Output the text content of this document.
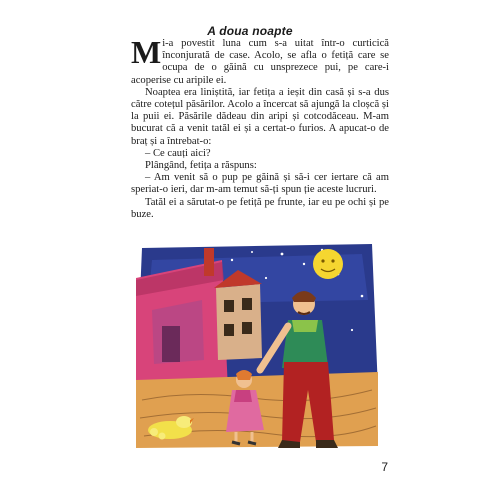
A doua noapte

Mi-a povestit luna cum s-a uitat într-o curticică înconjurată de case. Acolo, se afla o fetiță care se ocupa de o găină cu unsprezece pui, pe care-i acoperise cu aripile ei.

Noaptea era liniștită, iar fetița a ieșit din casă și s-a dus către cotețul păsărilor. Acolo a încercat să ajungă la cloșcă și la puii ei. Păsările dădeau din aripi și cotcodăceau. M-am bucurat că a venit tatăl ei și a certat-o furios. A apucat-o de braț și a întrebat-o:

– Ce cauți aici?

Plângând, fetița a răspuns:

– Am venit să o pup pe găină și să-i cer iertare că am speriat-o ieri, dar m-am temut să-ți spun ție aceste lucruri.

Tatăl ei a sărutat-o pe fetiță pe frunte, iar eu pe ochi și pe buze.

7
